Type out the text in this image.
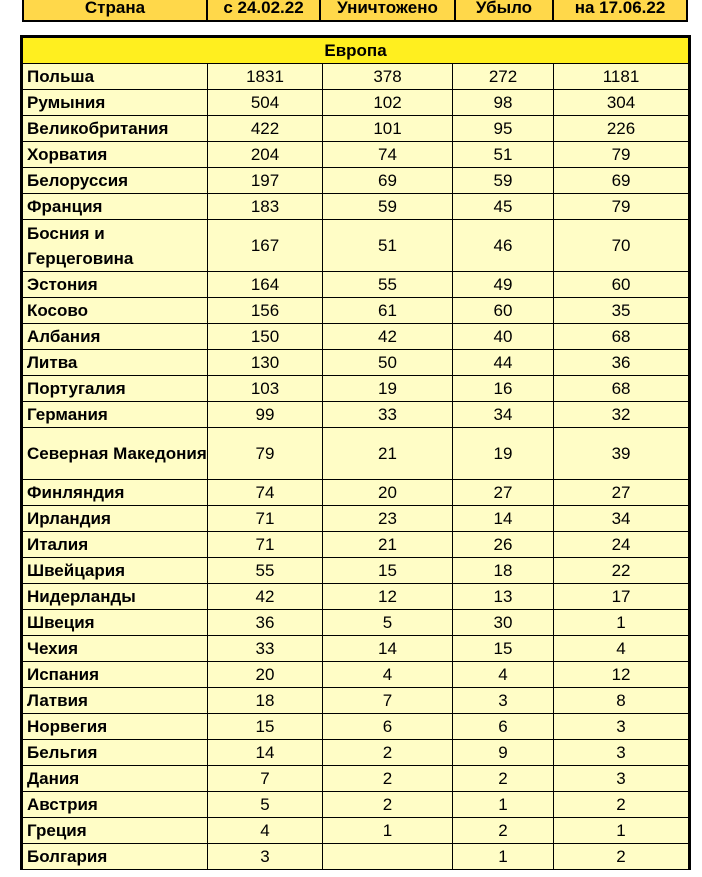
Страна	с 24.02.22	Уничтожено	Убыло	на 17.06.22
Европа				
Польша	1831	378	272	1181
Румыния	504	102	98	304
Великобритания	422	101	95	226
Хорватия	204	74	51	79
Белоруссия	197	69	59	69
Франция	183	59	45	79
Босния и Герцеговина	167	51	46	70
Эстония	164	55	49	60
Косово	156	61	60	35
Албания	150	42	40	68
Литва	130	50	44	36
Португалия	103	19	16	68
Германия	99	33	34	32
Северная Македония	79	21	19	39
Финляндия	74	20	27	27
Ирландия	71	23	14	34
Италия	71	21	26	24
Швейцария	55	15	18	22
Нидерланды	42	12	13	17
Швеция	36	5	30	1
Чехия	33	14	15	4
Испания	20	4	4	12
Латвия	18	7	3	8
Норвегия	15	6	6	3
Бельгия	14	2	9	3
Дания	7	2	2	3
Австрия	5	2	1	2
Греция	4	1	2	1
Болгария	3		1	2
